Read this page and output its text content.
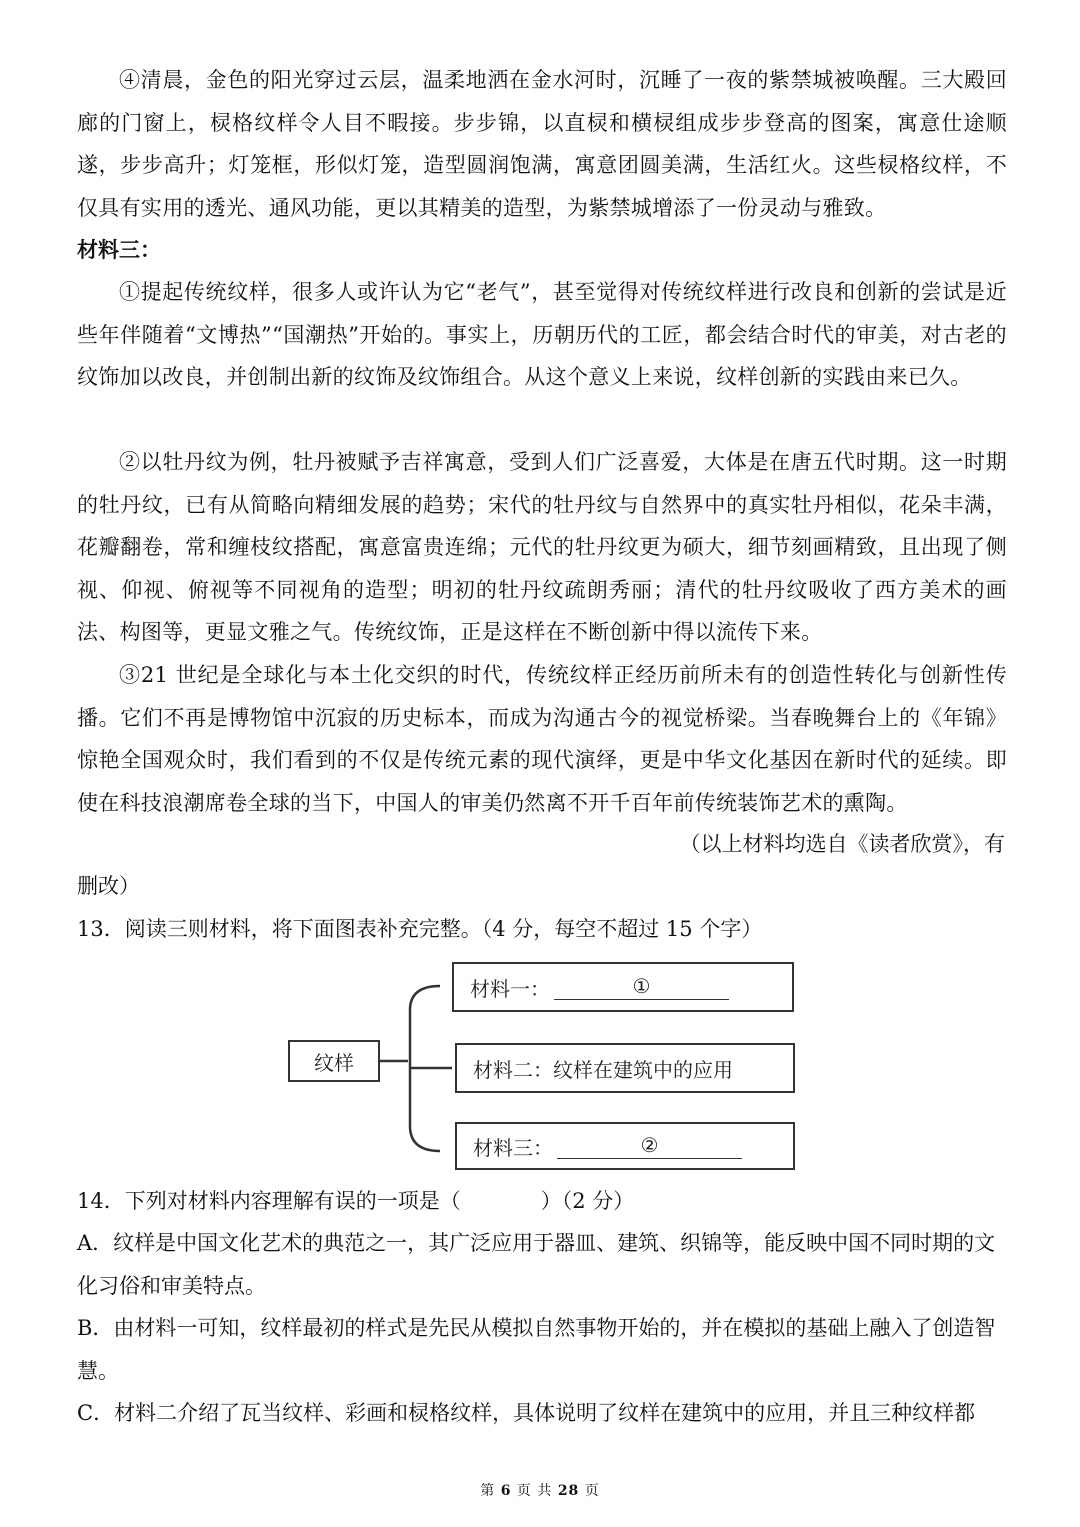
④清晨，金色的阳光穿过云层，温柔地洒在金水河时，沉睡了一夜的紫禁城被唤醒。三大殿回廊的门窗上，棂格纹样令人目不暇接。步步锦，以直棂和横棂组成步步登高的图案，寓意仕途顺遂，步步高升；灯笼框，形似灯笼，造型圆润饱满，寓意团圆美满，生活红火。这些棂格纹样，不仅具有实用的透光、通风功能，更以其精美的造型，为紫禁城增添了一份灵动与雅致。

材料三：

①提起传统纹样，很多人或许认为它“老气”，甚至觉得对传统纹样进行改良和创新的尝试是近些年伴随着“文博热”“国潮热”开始的。事实上，历朝历代的工匠，都会结合时代的审美，对古老的纹饰加以改良，并创制出新的纹饰及纹饰组合。从这个意义上来说，纹样创新的实践由来已久。

②以牡丹纹为例，牡丹被赋予吉祥寓意，受到人们广泛喜爱，大体是在唐五代时期。这一时期的牡丹纹，已有从简略向精细发展的趋势；宋代的牡丹纹与自然界中的真实牡丹相似，花朵丰满，花瓣翻卷，常和缠枝纹搭配，寓意富贵连绵；元代的牡丹纹更为硕大，细节刻画精致，且出现了侧视、仰视、俯视等不同视角的造型；明初的牡丹纹疏朗秀丽；清代的牡丹纹吸收了西方美术的画法、构图等，更显文雅之气。传统纹饰，正是这样在不断创新中得以流传下来。

③21 世纪是全球化与本土化交织的时代，传统纹样正经历前所未有的创造性转化与创新性传播。它们不再是博物馆中沉寂的历史标本，而成为沟通古今的视觉桥梁。当春晚舞台上的《年锦》惊艳全国观众时，我们看到的不仅是传统元素的现代演绎，更是中华文化基因在新时代的延续。即使在科技浪潮席卷全球的当下，中国人的审美仍然离不开千百年前传统装饰艺术的熏陶。

（以上材料均选自《读者欣赏》，有

删改）

13．阅读三则材料，将下面图表补充完整。（4 分，每空不超过 15 个字）

纹样
材料一：	①
材料二：纹样在建筑中的应用
材料三：	②

14．下列对材料内容理解有误的一项是（	）（2 分）

A．纹样是中国文化艺术的典范之一，其广泛应用于器皿、建筑、织锦等，能反映中国不同时期的文化习俗和审美特点。

B．由材料一可知，纹样最初的样式是先民从模拟自然事物开始的，并在模拟的基础上融入了创造智慧。

C．材料二介绍了瓦当纹样、彩画和棂格纹样，具体说明了纹样在建筑中的应用，并且三种纹样都

第 6 页 共 28 页
